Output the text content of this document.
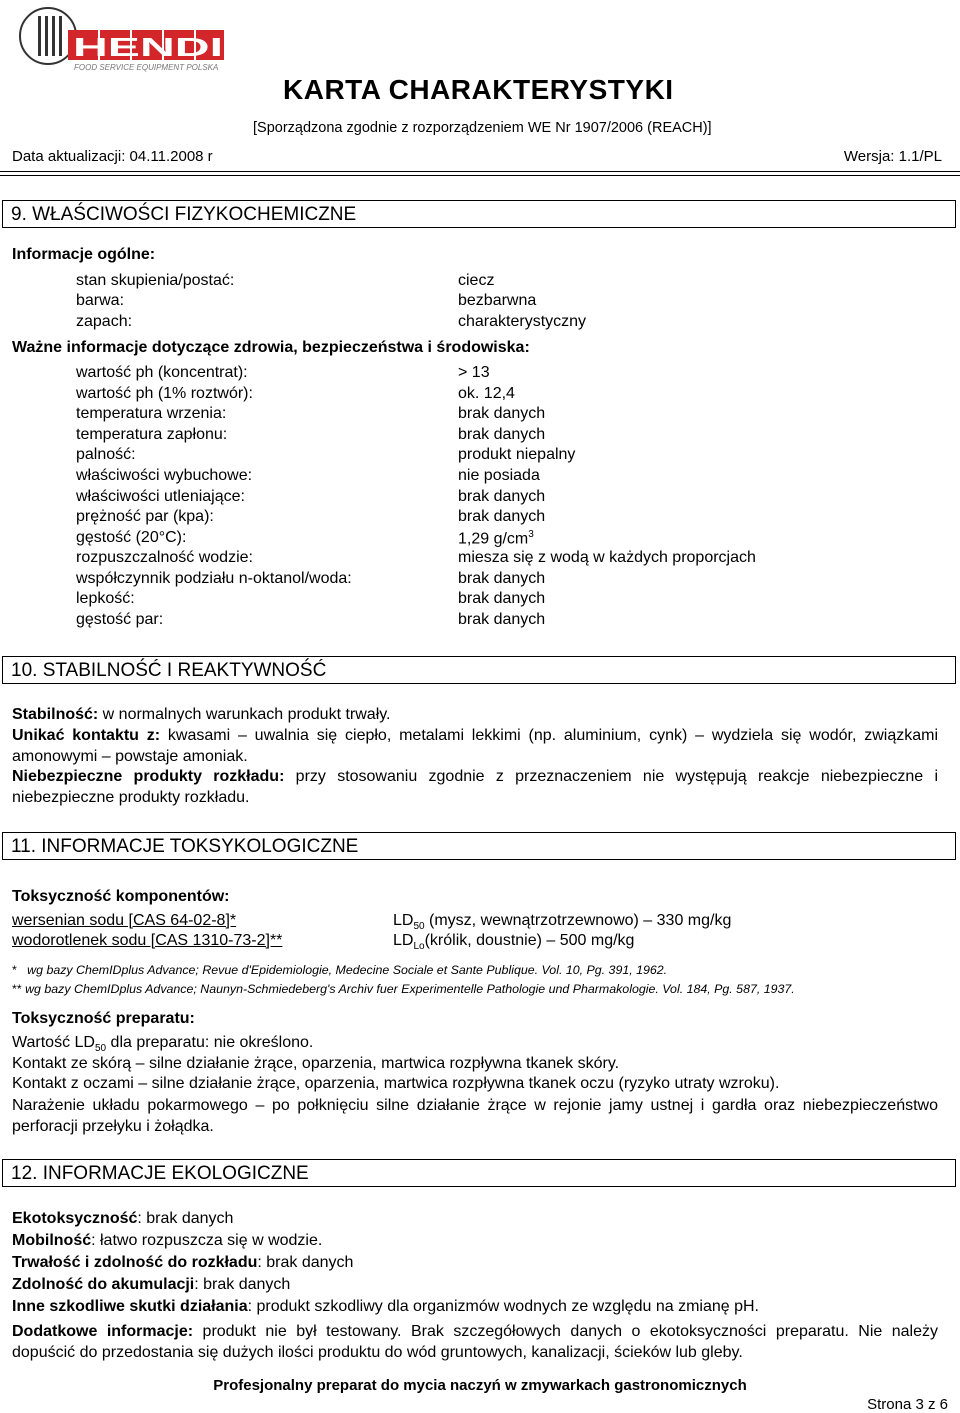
HENDI
FOOD SERVICE EQUIPMENT POLSKA
KARTA CHARAKTERYSTYKI
[Sporządzona zgodnie z rozporządzeniem WE Nr 1907/2006 (REACH)]
Data aktualizacji: 04.11.2008 r	Wersja: 1.1/PL
9. WŁAŚCIWOŚCI FIZYKOCHEMICZNE
Informacje ogólne:
stan skupienia/postać:	ciecz
barwa:	bezbarwna
zapach:	charakterystyczny
Ważne informacje dotyczące zdrowia, bezpieczeństwa i środowiska:
wartość ph (koncentrat):	> 13
wartość ph (1% roztwór):	ok. 12,4
temperatura wrzenia:	brak danych
temperatura zapłonu:	brak danych
palność:	produkt niepalny
właściwości wybuchowe:	nie posiada
właściwości utleniające:	brak danych
prężność par (kpa):	brak danych
gęstość (20°C):	1,29 $g/cm^3$
rozpuszczalność wodzie:	miesza się z wodą w każdych proporcjach
współczynnik podziału n-oktanol/woda:	brak danych
lepkość:	brak danych
gęstość par:	brak danych
10. STABILNOŚĆ I REAKTYWNOŚĆ
Stabilność: w normalnych warunkach produkt trwały.
Unikać kontaktu z: kwasami – uwalnia się ciepło, metalami lekkimi (np. aluminium, cynk) – wydziela się wodór, związkami amonowymi – powstaje amoniak.
Niebezpieczne produkty rozkładu: przy stosowaniu zgodnie z przeznaczeniem nie występują reakcje niebezpieczne i niebezpieczne produkty rozkładu.
11. INFORMACJE TOKSYKOLOGICZNE
Toksyczność komponentów:
wersenian sodu [CAS 64-02-8]*	$LD_{50}$ (mysz, wewnątrzotrzewnowo) – 330 mg/kg
wodorotlenek sodu [CAS 1310-73-2]**	$LD_{Lo}(królik$, doustnie) – 500 mg/kg
* wg bazy ChemIDplus Advance; Revue d'Epidemiologie, Medecine Sociale et Sante Publique. Vol. 10, Pg. 391, 1962.
** wg bazy ChemIDplus Advance; Naunyn-Schmiedeberg's Archiv fuer Experimentelle Pathologie und Pharmakologie. Vol. 184, Pg. 587, 1937.
Toksyczność preparatu:
Wartość $LD_{50}$ dla preparatu: nie określono.
Kontakt ze skórą – silne działanie żrące, oparzenia, martwica rozpływna tkanek skóry.
Kontakt z oczami – silne działanie żrące, oparzenia, martwica rozpływna tkanek oczu (ryzyko utraty wzroku).
Narażenie układu pokarmowego – po połknięciu silne działanie żrące w rejonie jamy ustnej i gardła oraz niebezpieczeństwo perforacji przełyku i żołądka.
12. INFORMACJE EKOLOGICZNE
Ekotoksyczność: brak danych
Mobilność: łatwo rozpuszcza się w wodzie.
Trwałość i zdolność do rozkładu: brak danych
Zdolność do akumulacji: brak danych
Inne szkodliwe skutki działania: produkt szkodliwy dla organizmów wodnych ze względu na zmianę pH.
Dodatkowe informacje: produkt nie był testowany. Brak szczegółowych danych o ekotoksyczności preparatu. Nie należy dopuścić do przedostania się dużych ilości produktu do wód gruntowych, kanalizacji, ścieków lub gleby.
Profesjonalny preparat do mycia naczyń w zmywarkach gastronomicznych
Strona 3 z 6
